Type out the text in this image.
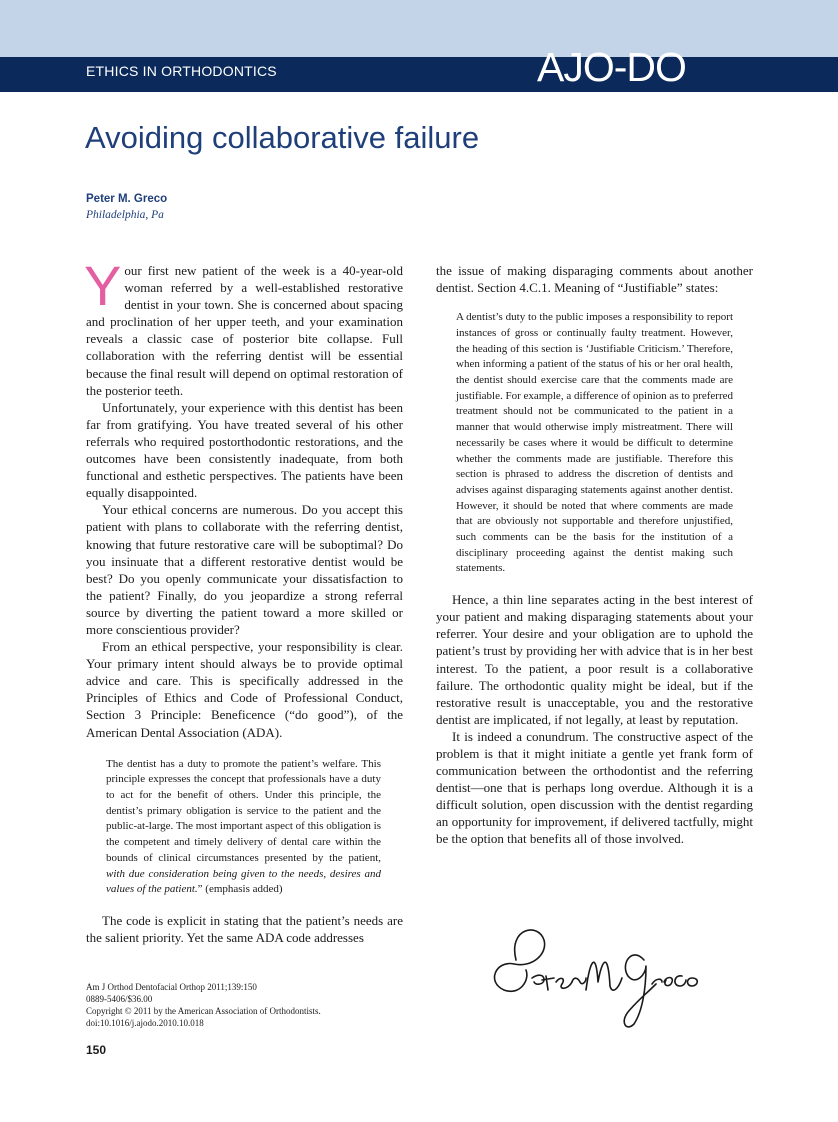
ETHICS IN ORTHODONTICS	AJO-DO
Avoiding collaborative failure
Peter M. Greco
Philadelphia, Pa

Your first new patient of the week is a 40-year-old woman referred by a well-established restorative dentist in your town. She is concerned about spacing and proclination of her upper teeth, and your examination reveals a classic case of posterior bite collapse. Full collaboration with the referring dentist will be essential because the final result will depend on optimal restoration of the posterior teeth.

Unfortunately, your experience with this dentist has been far from gratifying. You have treated several of his other referrals who required postorthodontic restorations, and the outcomes have been consistently inadequate, from both functional and esthetic perspectives. The patients have been equally disappointed.

Your ethical concerns are numerous. Do you accept this patient with plans to collaborate with the referring dentist, knowing that future restorative care will be suboptimal? Do you insinuate that a different restorative dentist would be best? Do you openly communicate your dissatisfaction to the patient? Finally, do you jeopardize a strong referral source by diverting the patient toward a more skilled or more conscientious provider?

From an ethical perspective, your responsibility is clear. Your primary intent should always be to provide optimal advice and care. This is specifically addressed in the Principles of Ethics and Code of Professional Conduct, Section 3 Principle: Beneficence (“do good”), of the American Dental Association (ADA).

The dentist has a duty to promote the patient’s welfare. This principle expresses the concept that professionals have a duty to act for the benefit of others. Under this principle, the dentist’s primary obligation is service to the patient and the public-at-large. The most important aspect of this obligation is the competent and timely delivery of dental care within the bounds of clinical circumstances presented by the patient, with due consideration being given to the needs, desires and values of the patient.” (emphasis added)

The code is explicit in stating that the patient’s needs are the salient priority. Yet the same ADA code addresses

the issue of making disparaging comments about another dentist. Section 4.C.1. Meaning of “Justifiable” states:

A dentist’s duty to the public imposes a responsibility to report instances of gross or continually faulty treatment. However, the heading of this section is ‘Justifiable Criticism.’ Therefore, when informing a patient of the status of his or her oral health, the dentist should exercise care that the comments made are justifiable. For example, a difference of opinion as to preferred treatment should not be communicated to the patient in a manner that would otherwise imply mistreatment. There will necessarily be cases where it would be difficult to determine whether the comments made are justifiable. Therefore this section is phrased to address the discretion of dentists and advises against disparaging statements against another dentist. However, it should be noted that where comments are made that are obviously not supportable and therefore unjustified, such comments can be the basis for the institution of a disciplinary proceeding against the dentist making such statements.

Hence, a thin line separates acting in the best interest of your patient and making disparaging statements about your referrer. Your desire and your obligation are to uphold the patient’s trust by providing her with advice that is in her best interest. To the patient, a poor result is a collaborative failure. The orthodontic quality might be ideal, but if the restorative result is unacceptable, you and the restorative dentist are implicated, if not legally, at least by reputation.

It is indeed a conundrum. The constructive aspect of the problem is that it might initiate a gentle yet frank form of communication between the orthodontist and the referring dentist—one that is perhaps long overdue. Although it is a difficult solution, open discussion with the dentist regarding an opportunity for improvement, if delivered tactfully, might be the option that benefits all of those involved.

Am J Orthod Dentofacial Orthop 2011;139:150
0889-5406/$36.00
Copyright © 2011 by the American Association of Orthodontists.
doi:10.1016/j.ajodo.2010.10.018
150
